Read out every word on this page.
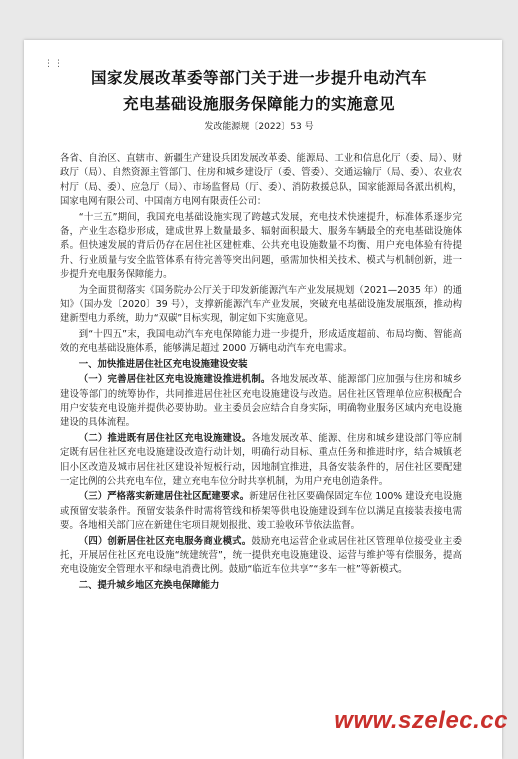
⋮⋮
国家发展改革委等部门关于进一步提升电动汽车
充电基础设施服务保障能力的实施意见
发改能源规〔2022〕53 号

各省、自治区、直辖市、新疆生产建设兵团发展改革委、能源局、工业和信息化厅（委、局）、财政厅（局）、自然资源主管部门、住房和城乡建设厅（委、管委）、交通运输厅（局、委）、农业农村厅（局、委）、应急厅（局）、市场监督局（厅、委）、消防救援总队，国家能源局各派出机构，国家电网有限公司、中国南方电网有限责任公司：

“十三五”期间，我国充电基础设施实现了跨越式发展，充电技术快速提升，标准体系逐步完备，产业生态稳步形成，建成世界上数量最多、辐射面积最大、服务车辆最全的充电基础设施体系。但快速发展的背后仍存在居住社区建桩难、公共充电设施数量不均衡、用户充电体验有待提升、行业质量与安全监管体系有待完善等突出问题，亟需加快相关技术、模式与机制创新，进一步提升充电服务保障能力。

为全面贯彻落实《国务院办公厅关于印发新能源汽车产业发展规划（2021—2035 年）的通知》（国办发〔2020〕39 号），支撑新能源汽车产业发展，突破充电基础设施发展瓶颈，推动构建新型电力系统，助力“双碳”目标实现，制定如下实施意见。

到“十四五”末，我国电动汽车充电保障能力进一步提升，形成适度超前、布局均衡、智能高效的充电基础设施体系，能够满足超过 2000 万辆电动汽车充电需求。

一、加快推进居住社区充电设施建设安装

（一）完善居住社区充电设施建设推进机制。各地发展改革、能源部门应加强与住房和城乡建设等部门的统筹协作，共同推进居住社区充电设施建设与改造。居住社区管理单位应积极配合用户安装充电设施并提供必要协助。业主委员会应结合自身实际，明确物业服务区域内充电设施建设的具体流程。

（二）推进既有居住社区充电设施建设。各地发展改革、能源、住房和城乡建设部门等应制定既有居住社区充电设施建设改造行动计划，明确行动目标、重点任务和推进时序，结合城镇老旧小区改造及城市居住社区建设补短板行动，因地制宜推进，具备安装条件的，居住社区要配建一定比例的公共充电车位，建立充电车位分时共享机制，为用户充电创造条件。

（三）严格落实新建居住社区配建要求。新建居住社区要确保固定车位 100% 建设充电设施或预留安装条件。预留安装条件时需将管线和桥架等供电设施建设到车位以满足直接装表接电需要。各地相关部门应在新建住宅项目规划报批、竣工验收环节依法监督。

（四）创新居住社区充电服务商业模式。鼓励充电运营企业或居住社区管理单位接受业主委托，开展居住社区充电设施“统建统营”，统一提供充电设施建设、运营与维护等有偿服务，提高充电设施安全管理水平和绿电消费比例。鼓励“临近车位共享”“多车一桩”等新模式。

二、提升城乡地区充换电保障能力

www.szelec.cc
